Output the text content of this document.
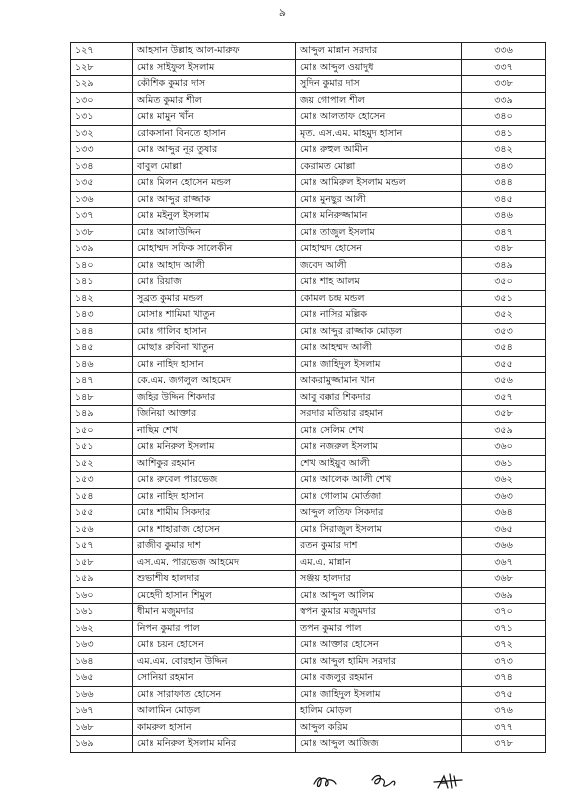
৯
১২৭	আহসান উল্লাহ আল-মারুফ	আব্দুল মান্নান সরদার	৩৩৬
১২৮	মোঃ সাইফুল ইসলাম	মোঃ আব্দুল ওয়াদুধ	৩৩৭
১২৯	কৌশিক কুমার দাস	সুদিন কুমার দাস	৩৩৮
১৩০	অমিত কুমার শীল	জয় গোপাল শীল	৩৩৯
১৩১	মোঃ মামুন খাঁন	মোঃ আলতাফ হোসেন	৩৪০
১৩২	রোকসানা বিনতে হাসান	মৃত. এস.এম. মাহমুদ হাসান	৩৪১
১৩৩	মোঃ আব্দুর নূর তুষার	মোঃ রুহুল আমীন	৩৪২
১৩৪	বাবুল মোল্লা	কেরামত মোল্লা	৩৪৩
১৩৫	মোঃ মিলন হোসেন মন্ডল	মোঃ আমিরুল ইসলাম মন্ডল	৩৪৪
১৩৬	মোঃ আব্দুর রাজ্জাক	মোঃ মুনছুর আলী	৩৪৫
১৩৭	মোঃ মইনুল ইসলাম	মোঃ মনিরুজ্জামান	৩৪৬
১৩৮	মোঃ আলাউদ্দিন	মোঃ তাজুল ইসলাম	৩৪৭
১৩৯	মোহাম্মদ সফিক সালেকীন	মোহাম্মদ হোসেন	৩৪৮
১৪০	মোঃ আহাদ আলী	জবেদ আলী	৩৪৯
১৪১	মোঃ রিয়াজ	মোঃ শাহ আলম	৩৫০
১৪২	সুব্রত কুমার মন্ডল	কোমল চন্দ্র মন্ডল	৩৫১
১৪৩	মোসাঃ শামিমা খাতুন	মোঃ নাসির মল্লিক	৩৫২
১৪৪	মোঃ গালিব হাসান	মোঃ আব্দুর রাজ্জাক মোড়ল	৩৫৩
১৪৫	মোছাঃ রুবিনা খাতুন	মোঃ আহম্মদ আলী	৩৫৪
১৪৬	মোঃ নাহিদ হাসান	মোঃ জাহিদুল ইসলাম	৩৫৫
১৪৭	কে.এম. জগলুল আহমেদ	আকরামুজ্জামান খান	৩৫৬
১৪৮	জহির উদ্দিন শিকদার	আবু বক্কার শিকদার	৩৫৭
১৪৯	জিনিয়া আক্তার	সরদার মতিয়ার রহমান	৩৫৮
১৫০	নাছিম শেখ	মোঃ সেলিম শেখ	৩৫৯
১৫১	মোঃ মনিরুল ইসলাম	মোঃ নজরুল ইসলাম	৩৬০
১৫২	আশিকুর রহমান	শেখ আইয়ুব আলী	৩৬১
১৫৩	মোঃ রুবেল পারভেজ	মোঃ আলেক আলী শেখ	৩৬২
১৫৪	মোঃ নাহিদ হাসান	মোঃ গোলাম মোর্তজা	৩৬৩
১৫৫	মোঃ শামীম সিকদার	আব্দুল লতিফ সিকদার	৩৬৪
১৫৬	মোঃ শাহারাজ হোসেন	মোঃ সিরাজুল ইসলাম	৩৬৫
১৫৭	রাজীব কুমার দাশ	রতন কুমার দাশ	৩৬৬
১৫৮	এস.এম. পারভেজ আহমেদ	এম.এ. মান্নান	৩৬৭
১৫৯	শুভাশীষ হালদার	সঞ্জয় হালদার	৩৬৮
১৬০	মেহেদী হাসান শিমুল	মোঃ আব্দুল আলিম	৩৬৯
১৬১	ধীমান মজুমদার	স্বপন কুমার মজুমদার	৩৭০
১৬২	নিপন কুমার পাল	তপন কুমার পাল	৩৭১
১৬৩	মোঃ চয়ন হোসেন	মোঃ আক্তার হোসেন	৩৭২
১৬৪	এম.এম. বোরহান উদ্দিন	মোঃ আব্দুল হামিদ সরদার	৩৭৩
১৬৫	সোনিয়া রহমান	মোঃ বজলুর রহমান	৩৭৪
১৬৬	মোঃ সারাফাত হোসেন	মোঃ জাহিদুল ইসলাম	৩৭৫
১৬৭	আলামিন মোড়ল	হালিম মোড়ল	৩৭৬
১৬৮	কামরুল হাসান	আব্দুল করিম	৩৭৭
১৬৯	মোঃ মনিরুল ইসলাম মনির	মোঃ আব্দুল আজিজ	৩৭৮
